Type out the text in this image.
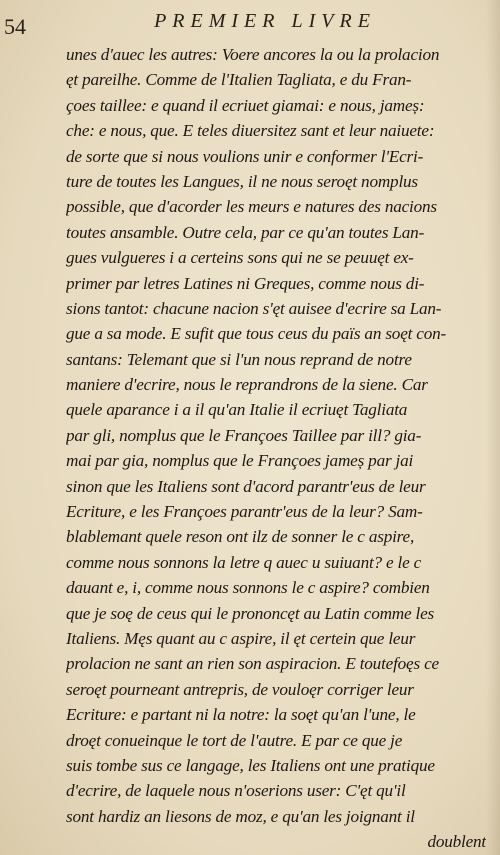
54	PREMIER LIVRE
unes d'auec les autres: Voere ancores la ou la prolacion
ęt pareilhe. Comme de l'Italien Tagliata, e du Fran-
çoes taillee: e quand il ecriuet giamai: e nous, jameș:
che: e nous, que. E teles diuersitez sant et leur naiuete:
de sorte que si nous voulions unir e conformer l'Ecri-
ture de toutes les Langues, il ne nous seroęt nomplus
possible, que d'acorder les meurs e natures des nacions
toutes ansamble. Outre cela, par ce qu'an toutes Lan-
gues vulgueres i a certeins sons qui ne se peuuęt ex-
primer par letres Latines ni Greques, comme nous di-
sions tantot: chacune nacion s'ęt auisee d'ecrire sa Lan-
gue a sa mode. E sufit que tous ceus du païs an soęt con-
santans: Telemant que si l'un nous reprand de notre
maniere d'ecrire, nous le reprandrons de la siene. Car
quele aparance i a il qu'an Italie il ecriuęt Tagliata
par gli, nomplus que le Françoes Taillee par ill? gia-
mai par gia, nomplus que le Françoes jameș par jai
sinon que les Italiens sont d'acord parantr'eus de leur
Ecriture, e les Françoes parantr'eus de la leur? Sam-
blablemant quele reson ont ilz de sonner le c aspire,
comme nous sonnons la letre q auec u suiuant? e le c
dauant e, i, comme nous sonnons le c aspire? combien
que je soę de ceus qui le prononcęt au Latin comme les
Italiens. Męs quant au c aspire, il ęt certein que leur
prolacion ne sant an rien son aspiracion. E toutefoęs ce
seroęt pourneant antrepris, de vouloęr corriger leur
Ecriture: e partant ni la notre: la soęt qu'an l'une, le
droęt conueinque le tort de l'autre. E par ce que je
suis tombe sus ce langage, les Italiens ont une pratique
d'ecrire, de laquele nous n'oserions user: C'ęt qu'il
sont hardiz an liesons de moz, e qu'an les joignant il
doublent
